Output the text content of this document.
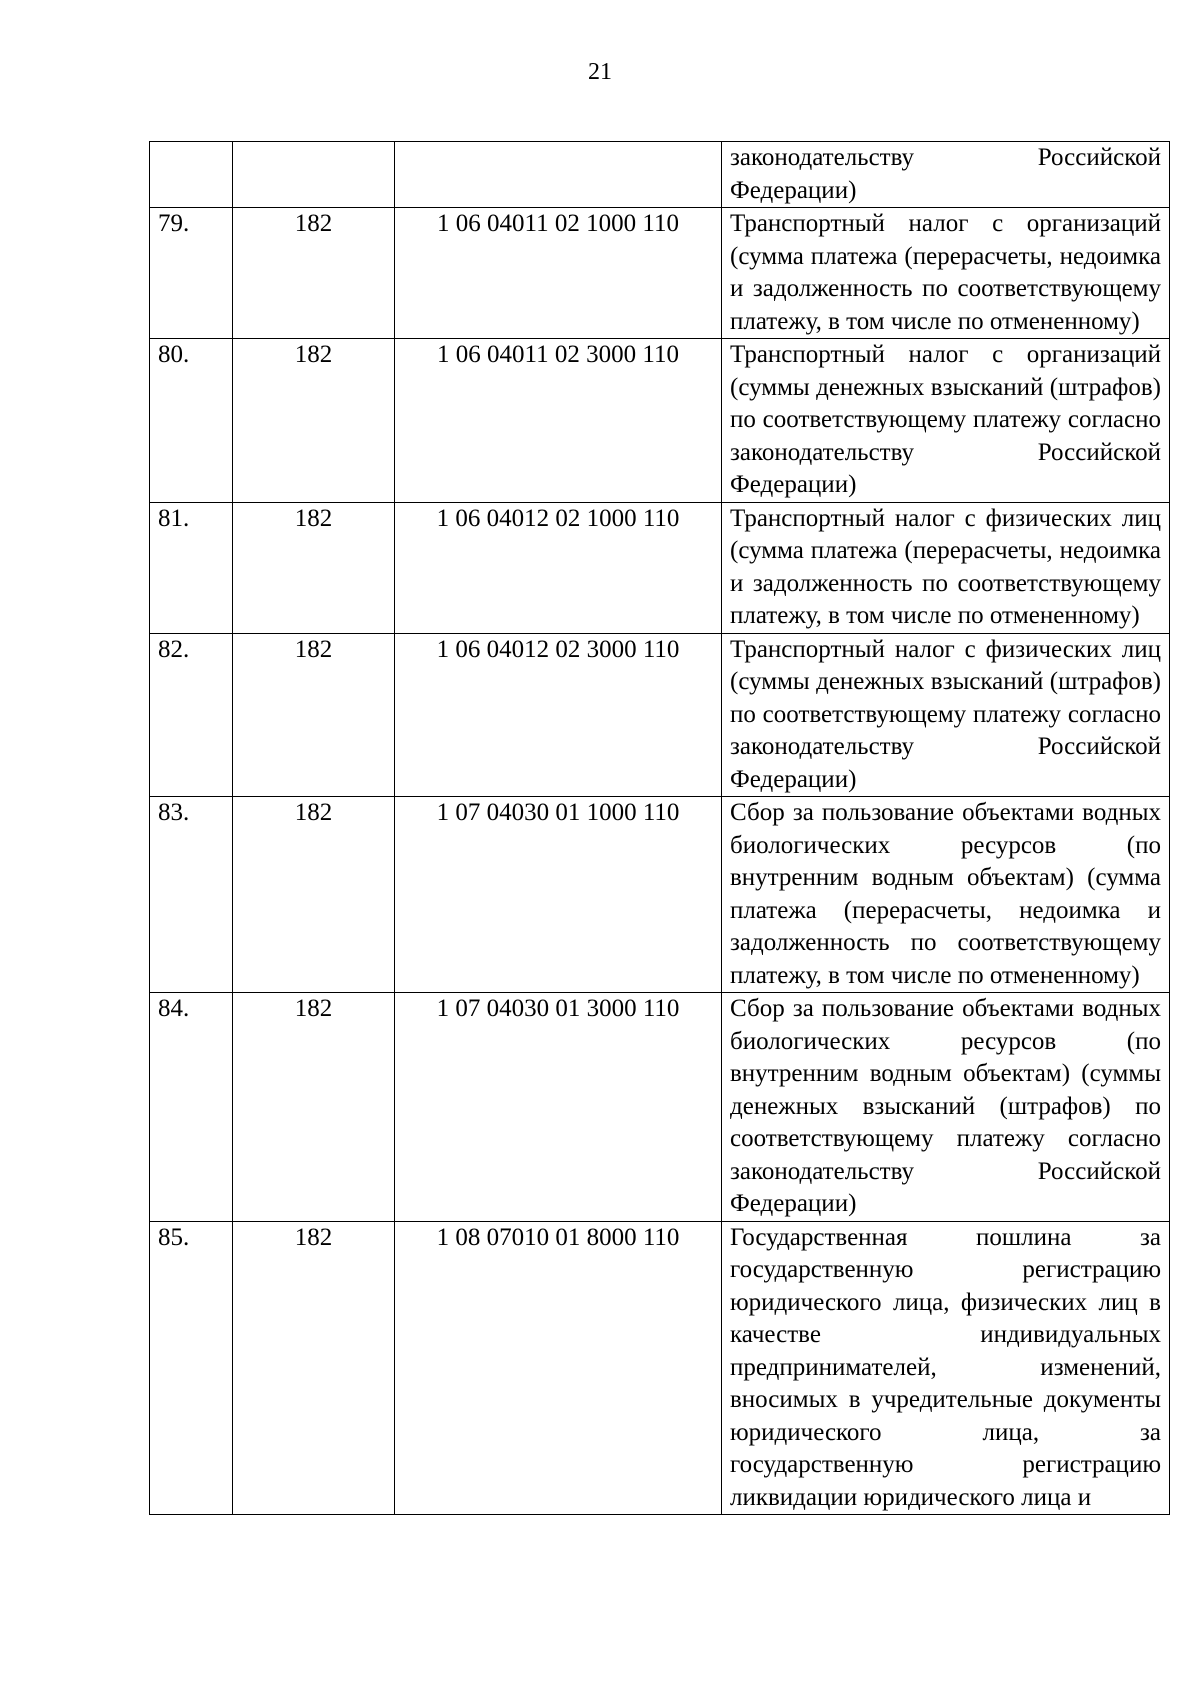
21
			законодательству Российской Федерации)
79.	182	1 06 04011 02 1000 110	Транспортный налог с организаций (сумма платежа (перерасчеты, недоимка и задолженность по соответствующему платежу, в том числе по отмененному)
80.	182	1 06 04011 02 3000 110	Транспортный налог с организаций (суммы денежных взысканий (штрафов) по соответствующему платежу согласно законодательству Российской Федерации)
81.	182	1 06 04012 02 1000 110	Транспортный налог с физических лиц (сумма платежа (перерасчеты, недоимка и задолженность по соответствующему платежу, в том числе по отмененному)
82.	182	1 06 04012 02 3000 110	Транспортный налог с физических лиц (суммы денежных взысканий (штрафов) по соответствующему платежу согласно законодательству Российской Федерации)
83.	182	1 07 04030 01 1000 110	Сбор за пользование объектами водных биологических ресурсов (по внутренним водным объектам) (сумма платежа (перерасчеты, недоимка и задолженность по соответствующему платежу, в том числе по отмененному)
84.	182	1 07 04030 01 3000 110	Сбор за пользование объектами водных биологических ресурсов (по внутренним водным объектам) (суммы денежных взысканий (штрафов) по соответствующему платежу согласно законодательству Российской Федерации)
85.	182	1 08 07010 01 8000 110	Государственная пошлина за государственную регистрацию юридического лица, физических лиц в качестве индивидуальных предпринимателей, изменений, вносимых в учредительные документы юридического лица, за государственную регистрацию ликвидации юридического лица и
